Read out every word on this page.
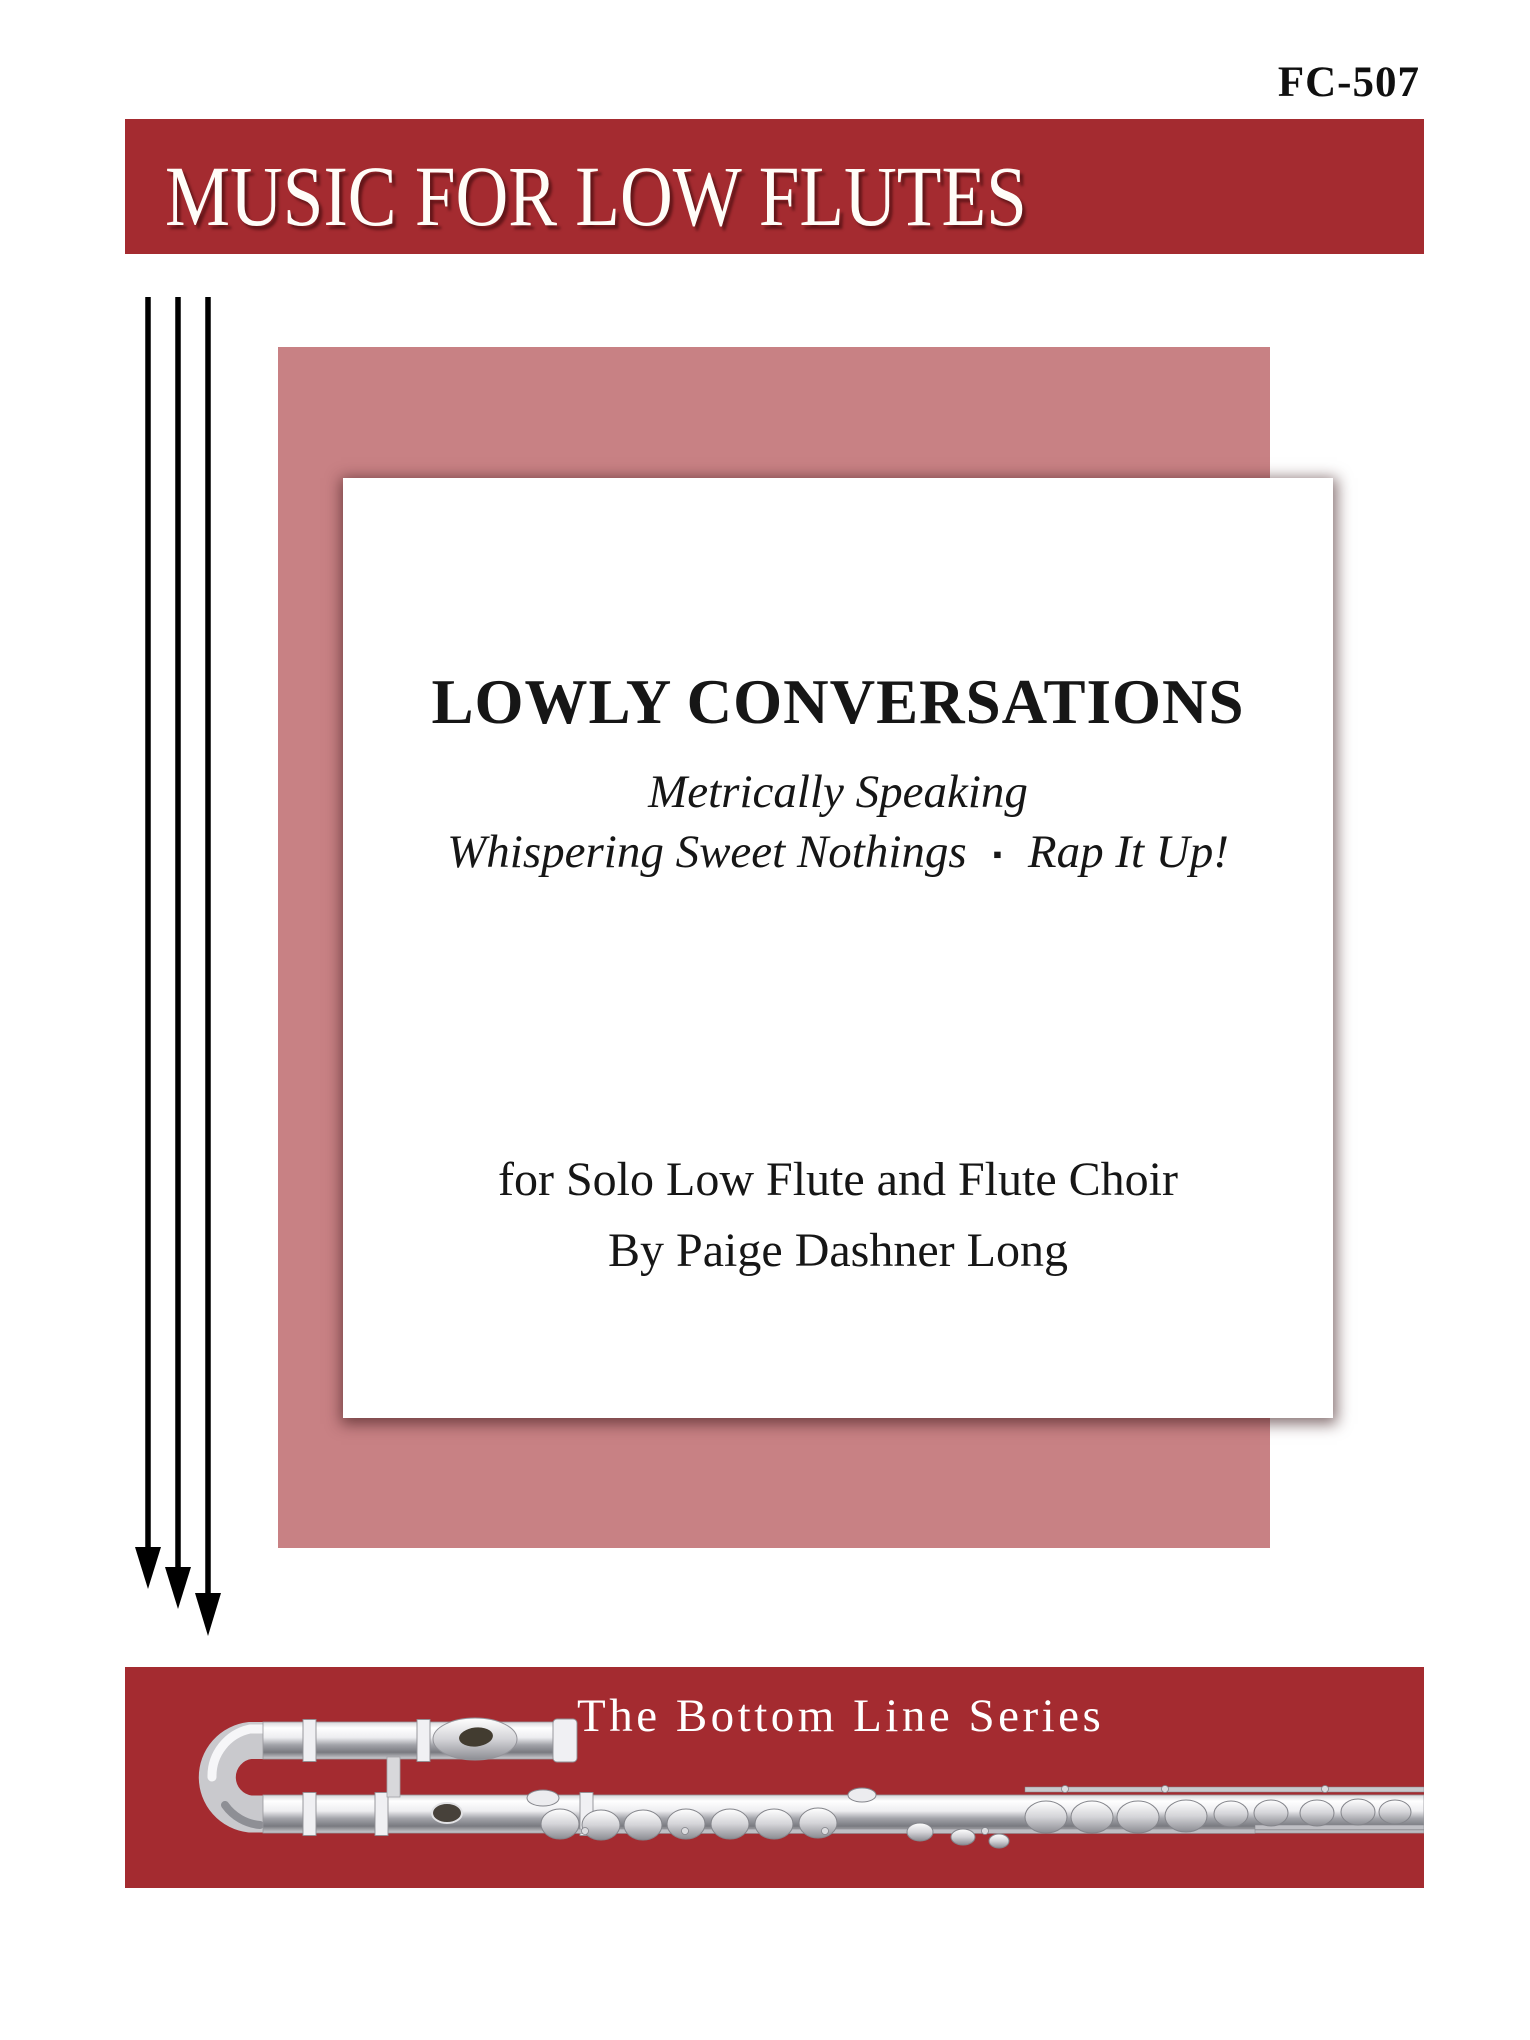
FC-507
MUSIC FOR LOW FLUTES
LOWLY CONVERSATIONS
Metrically Speaking
Whispering Sweet Nothings ▪ Rap It Up!
for Solo Low Flute and Flute Choir
By Paige Dashner Long
The Bottom Line Series
